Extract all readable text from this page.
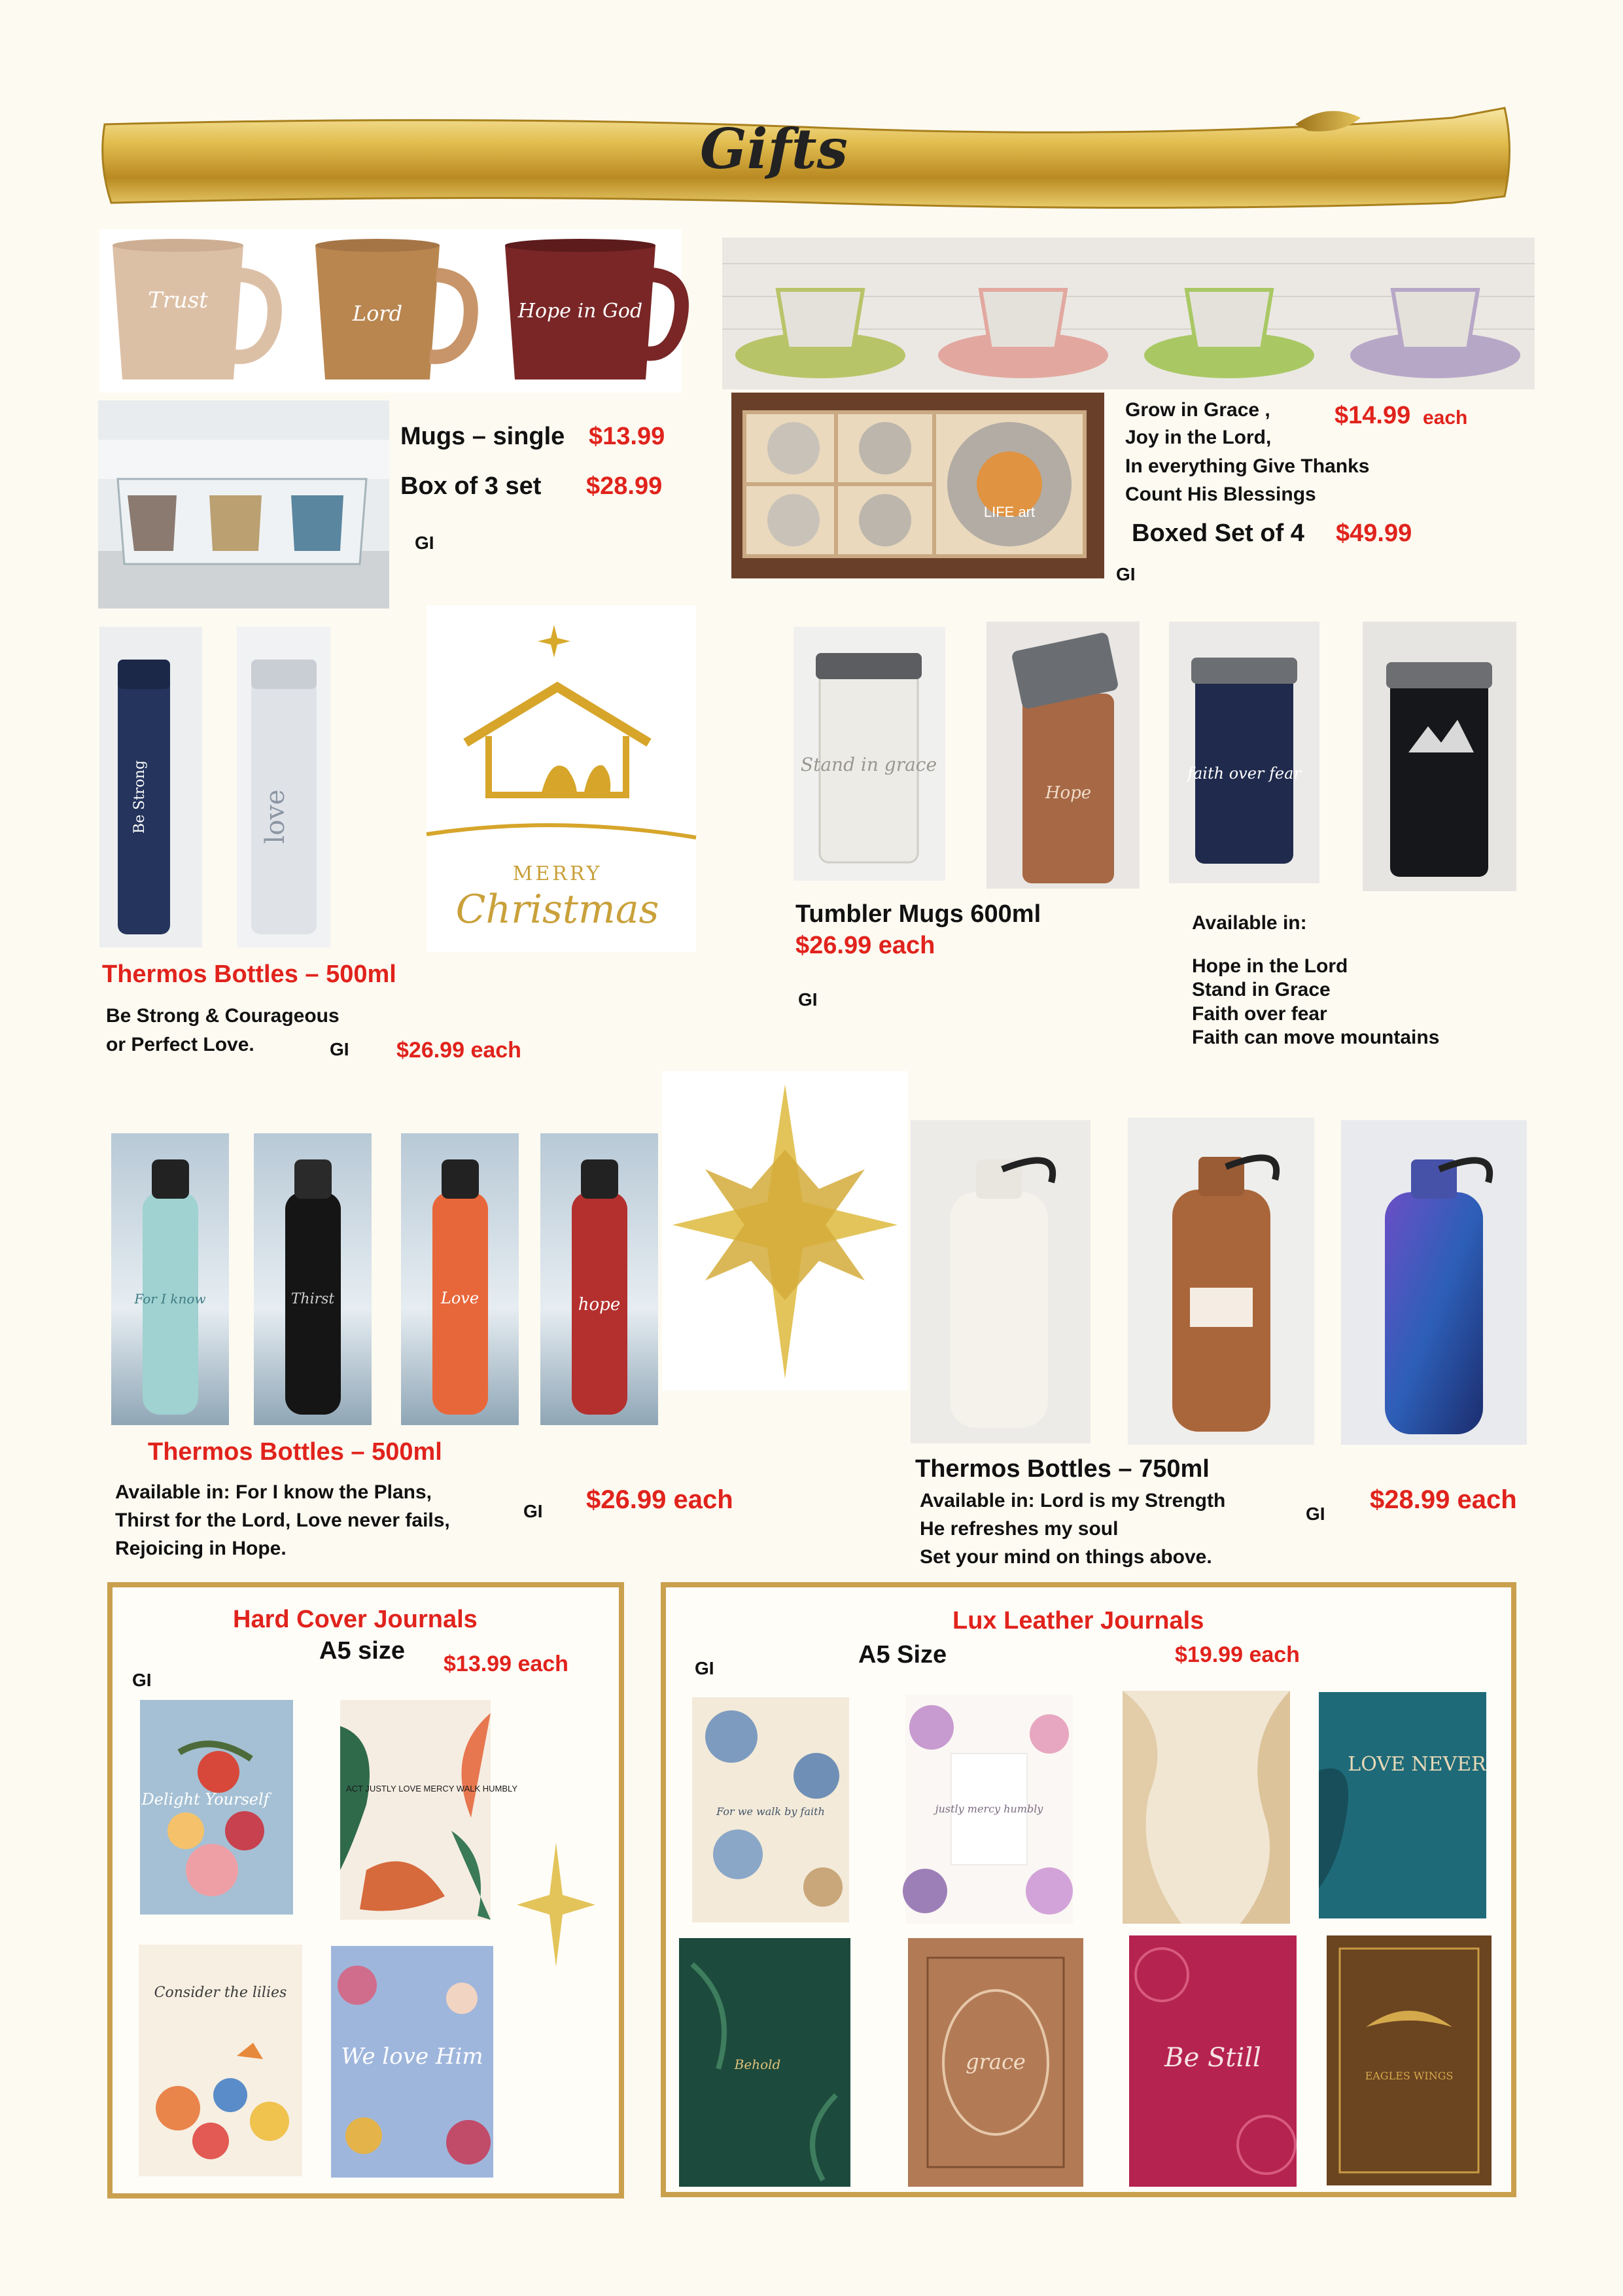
Gifts
Trust	Lord	Hope in God
Mugs – single $13.99
Box of 3 set $28.99
GI
LIFE art
Grow in Grace ,
Joy in the Lord,
In everything Give Thanks
Count His Blessings
$14.99 each
Boxed Set of 4 $49.99
GI
Be Strong	love
MERRY
Christmas
Thermos Bottles – 500ml
Be Strong & Courageous
or Perfect Love.	GI $26.99 each
Stand in grace
Hope
faith over fear
Tumbler Mugs 600ml
$26.99 each
GI
Available in:
Hope in the Lord
Stand in Grace
Faith over fear
Faith can move mountains
For I know	Thirst	Love	hope
Thermos Bottles – 500ml
Available in: For I know the Plans,
Thirst for the Lord, Love never fails,
Rejoicing in Hope.
GI $26.99 each
Thermos Bottles – 750ml
Available in: Lord is my Strength
He refreshes my soul
Set your mind on things above.
GI $28.99 each
Hard Cover Journals
A5 size $13.99 each
GI
Delight Yourself
ACT JUSTLY LOVE MERCY WALK HUMBLY
Consider the lilies
We love Him
Lux Leather Journals
A5 Size	$19.99 each
GI
For we walk by faith	justly mercy humbly
LOVE NEVER
Behold	grace	Be Still
EAGLES WINGS
